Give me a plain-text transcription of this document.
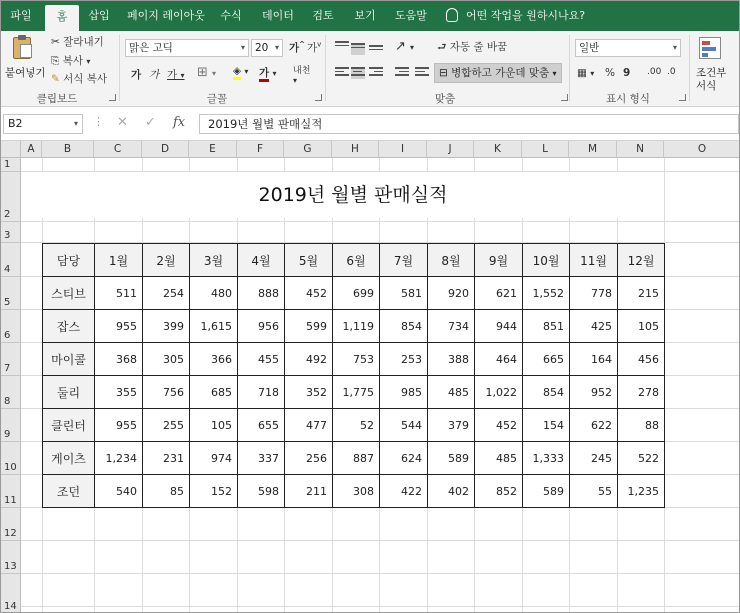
파일	홈	삽입	페이지 레이아웃	수식	데이터	검토	보기	도움말	어떤 작업을 원하시나요?
붙여넣기
✂ 잘라내기
⎘ 복사 ▾
✎ 서식 복사
클립보드
맑은 고딕	▾ 20 ▾ 가^ 가$^v$
가 가 가 ▾ ⊞ ▾ ◈ ▾ 가 ▾ 내천
▾
글꼴
↗ ▾ ⮐ 자동 줄 바꿈
⊟ 병합하고 가운데 맞춤 ▾
맞춤
일반	▾
▦ ▾ % 9 .00 .0
표시 형식
조건부
서식
B2	▾ ⋮ ✕ ✓ fx	2019년 월별 판매실적
A	B	C	D	E	F	G	H	I	J	K	L	M	N	O
1
2
3
4
5
6
7
8
9
10
11
12
13
14
2019년 월별 판매실적
담당	1월	2월	3월	4월	5월	6월	7월	8월	9월	10월	11월	12월
스티브	511	254	480	888	452	699	581	920	621	1,552	778	215
잡스	955	399	1,615	956	599	1,119	854	734	944	851	425	105
마이콜	368	305	366	455	492	753	253	388	464	665	164	456
둘리	355	756	685	718	352	1,775	985	485	1,022	854	952	278
클린터	955	255	105	655	477	52	544	379	452	154	622	88
게이츠	1,234	231	974	337	256	887	624	589	485	1,333	245	522
조던	540	85	152	598	211	308	422	402	852	589	55	1,235
